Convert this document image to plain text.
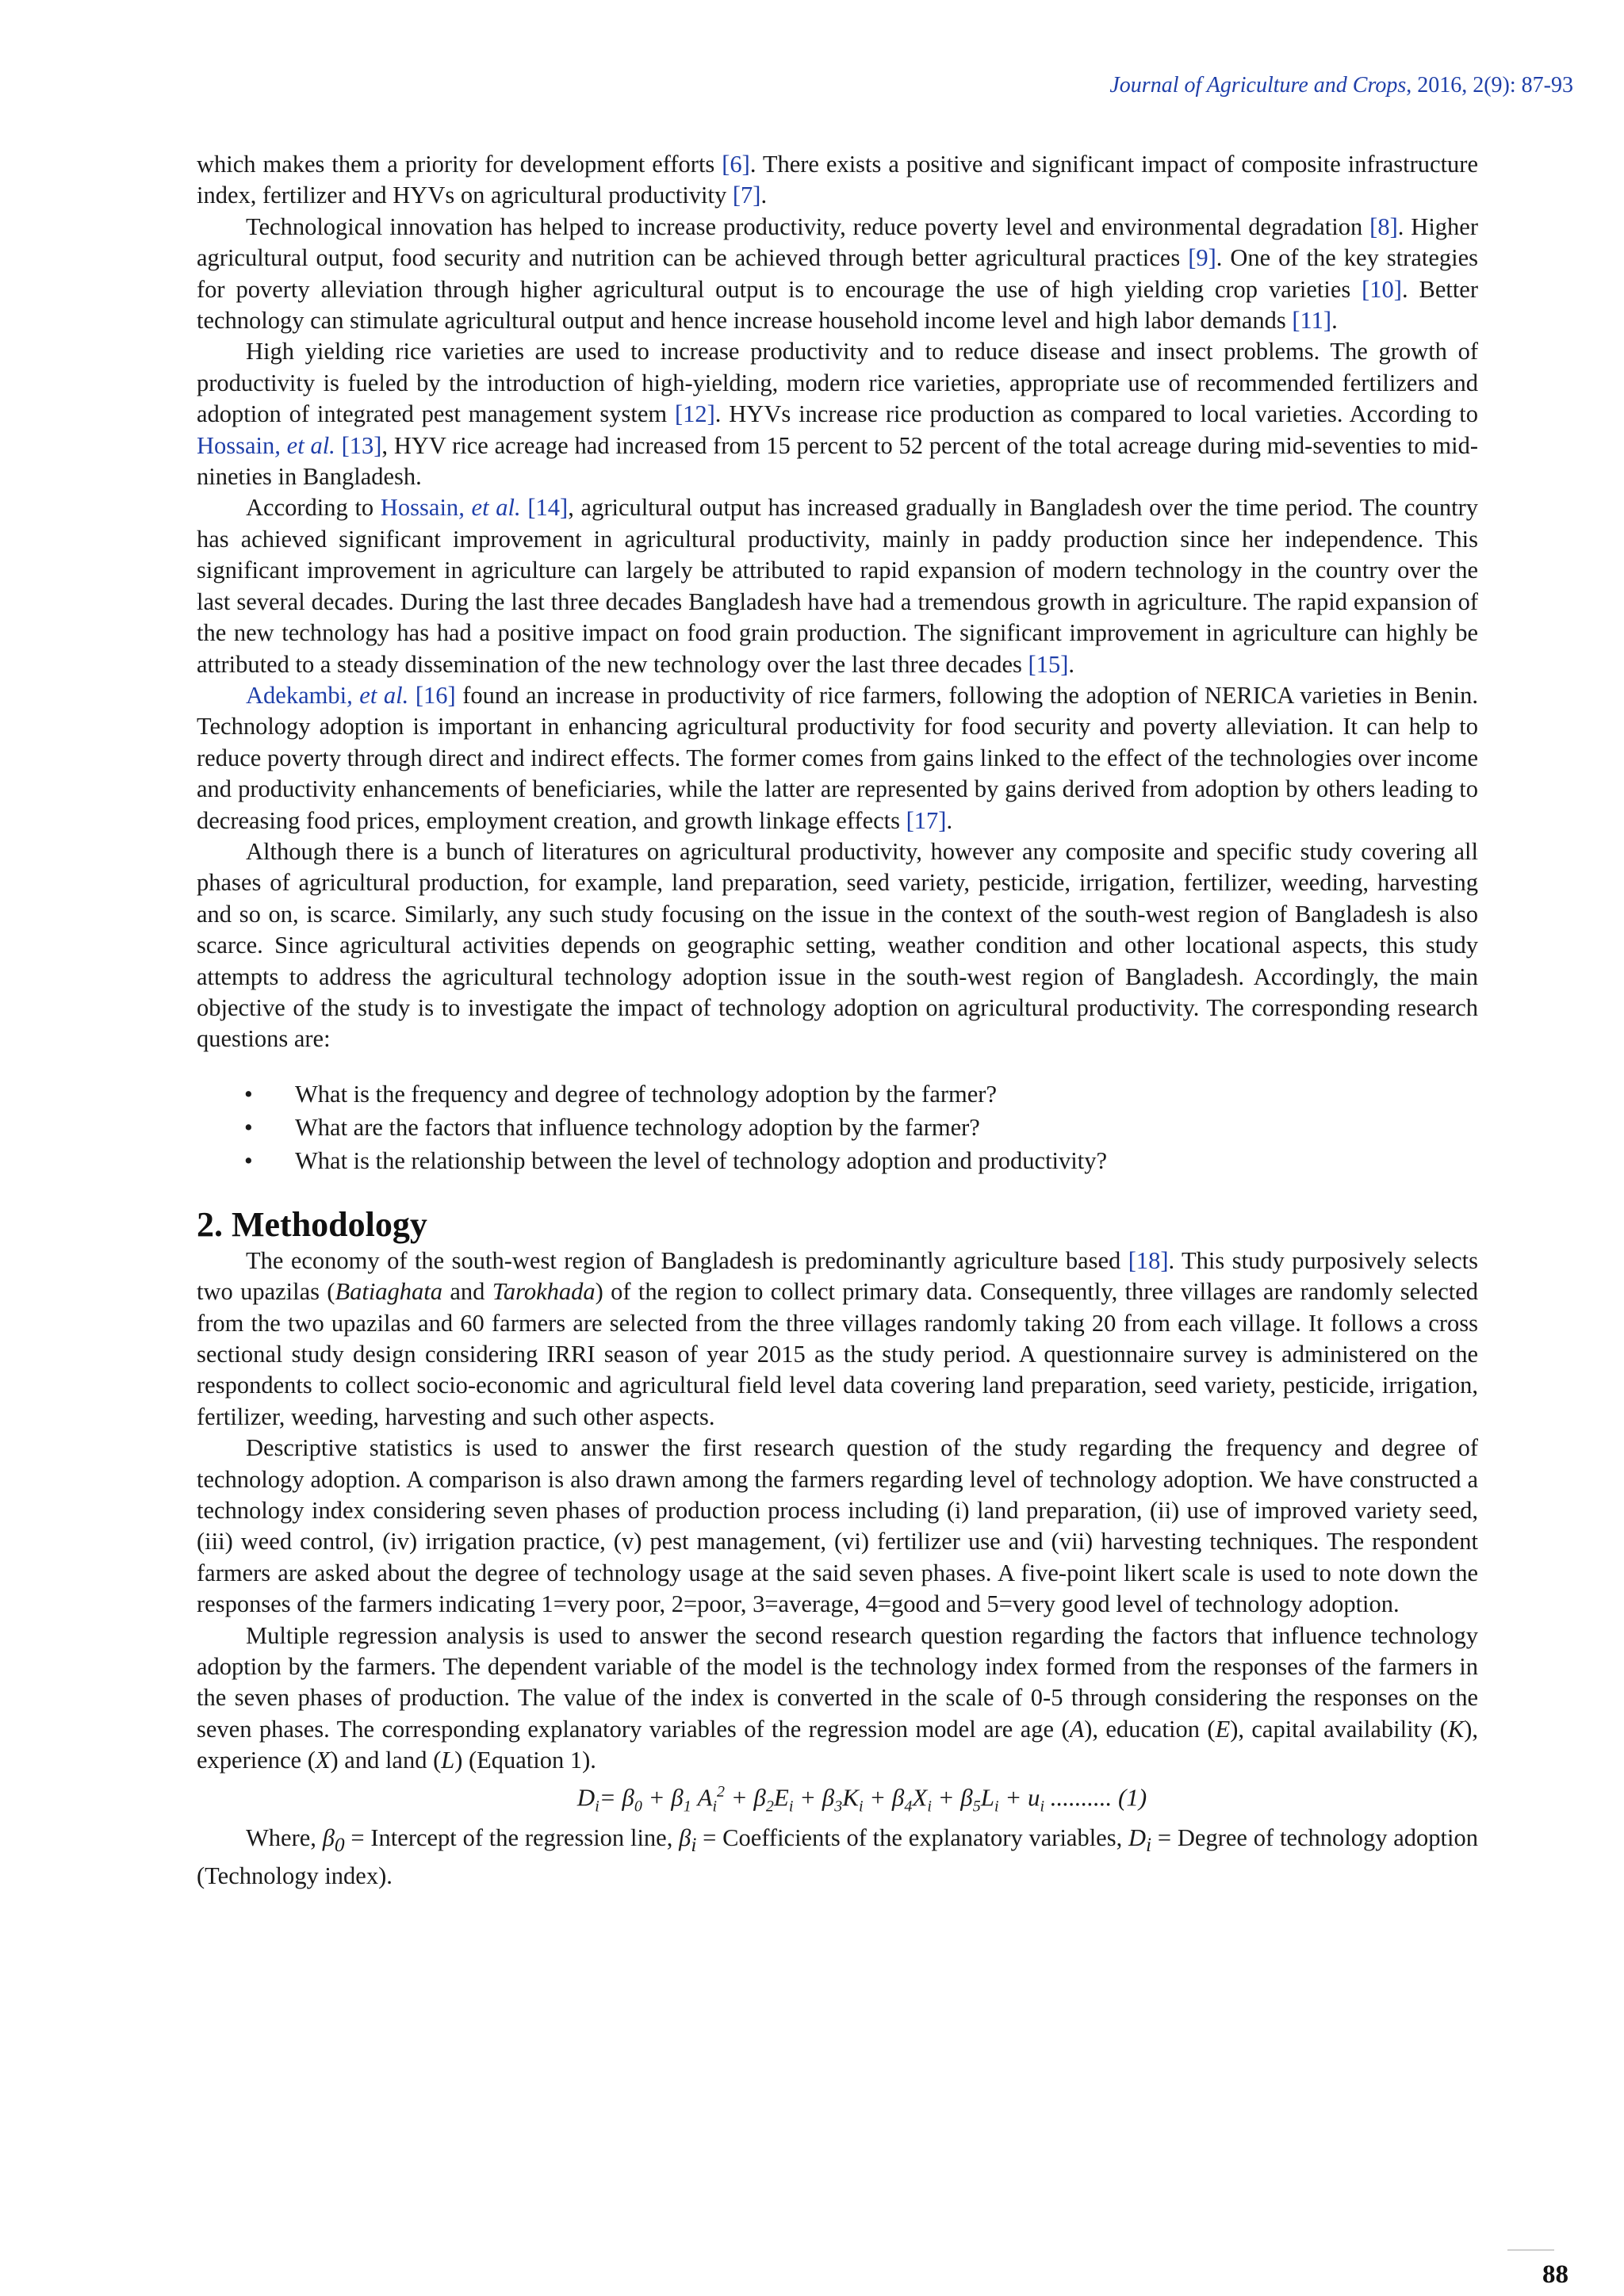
Journal of Agriculture and Crops, 2016, 2(9): 87-93

which makes them a priority for development efforts [6]. There exists a positive and significant impact of composite infrastructure index, fertilizer and HYVs on agricultural productivity [7].

Technological innovation has helped to increase productivity, reduce poverty level and environmental degradation [8]. Higher agricultural output, food security and nutrition can be achieved through better agricultural practices [9]. One of the key strategies for poverty alleviation through higher agricultural output is to encourage the use of high yielding crop varieties [10]. Better technology can stimulate agricultural output and hence increase household income level and high labor demands [11].

High yielding rice varieties are used to increase productivity and to reduce disease and insect problems. The growth of productivity is fueled by the introduction of high-yielding, modern rice varieties, appropriate use of recommended fertilizers and adoption of integrated pest management system [12]. HYVs increase rice production as compared to local varieties. According to Hossain, et al. [13], HYV rice acreage had increased from 15 percent to 52 percent of the total acreage during mid-seventies to mid-nineties in Bangladesh.

According to Hossain, et al. [14], agricultural output has increased gradually in Bangladesh over the time period. The country has achieved significant improvement in agricultural productivity, mainly in paddy production since her independence. This significant improvement in agriculture can largely be attributed to rapid expansion of modern technology in the country over the last several decades. During the last three decades Bangladesh have had a tremendous growth in agriculture. The rapid expansion of the new technology has had a positive impact on food grain production. The significant improvement in agriculture can highly be attributed to a steady dissemination of the new technology over the last three decades [15].

Adekambi, et al. [16] found an increase in productivity of rice farmers, following the adoption of NERICA varieties in Benin. Technology adoption is important in enhancing agricultural productivity for food security and poverty alleviation. It can help to reduce poverty through direct and indirect effects. The former comes from gains linked to the effect of the technologies over income and productivity enhancements of beneficiaries, while the latter are represented by gains derived from adoption by others leading to decreasing food prices, employment creation, and growth linkage effects [17].

Although there is a bunch of literatures on agricultural productivity, however any composite and specific study covering all phases of agricultural production, for example, land preparation, seed variety, pesticide, irrigation, fertilizer, weeding, harvesting and so on, is scarce. Similarly, any such study focusing on the issue in the context of the south-west region of Bangladesh is also scarce. Since agricultural activities depends on geographic setting, weather condition and other locational aspects, this study attempts to address the agricultural technology adoption issue in the south-west region of Bangladesh. Accordingly, the main objective of the study is to investigate the impact of technology adoption on agricultural productivity. The corresponding research questions are:

• What is the frequency and degree of technology adoption by the farmer?
• What are the factors that influence technology adoption by the farmer?
• What is the relationship between the level of technology adoption and productivity?
2. Methodology

The economy of the south-west region of Bangladesh is predominantly agriculture based [18]. This study purposively selects two upazilas (Batiaghata and Tarokhada) of the region to collect primary data. Consequently, three villages are randomly selected from the two upazilas and 60 farmers are selected from the three villages randomly taking 20 from each village. It follows a cross sectional study design considering IRRI season of year 2015 as the study period. A questionnaire survey is administered on the respondents to collect socio-economic and agricultural field level data covering land preparation, seed variety, pesticide, irrigation, fertilizer, weeding, harvesting and such other aspects.

Descriptive statistics is used to answer the first research question of the study regarding the frequency and degree of technology adoption. A comparison is also drawn among the farmers regarding level of technology adoption. We have constructed a technology index considering seven phases of production process including (i) land preparation, (ii) use of improved variety seed, (iii) weed control, (iv) irrigation practice, (v) pest management, (vi) fertilizer use and (vii) harvesting techniques. The respondent farmers are asked about the degree of technology usage at the said seven phases. A five-point likert scale is used to note down the responses of the farmers indicating 1=very poor, 2=poor, 3=average, 4=good and 5=very good level of technology adoption.

Multiple regression analysis is used to answer the second research question regarding the factors that influence technology adoption by the farmers. The dependent variable of the model is the technology index formed from the responses of the farmers in the seven phases of production. The value of the index is converted in the scale of 0-5 through considering the responses on the seven phases. The corresponding explanatory variables of the regression model are age (A), education (E), capital availability (K), experience (X) and land (L) (Equation 1).

$D_i= \beta_0 + \beta_1$ $A_i^2 + \beta_2E_i + \beta_3K_i + \beta_4X_i + \beta_5L_i + u_i$ .......... (1)

Where, $\beta_0$ = Intercept of the regression line, $\beta_i$ = Coefficients of the explanatory variables, $D_i$ = Degree of technology adoption (Technology index).

88
